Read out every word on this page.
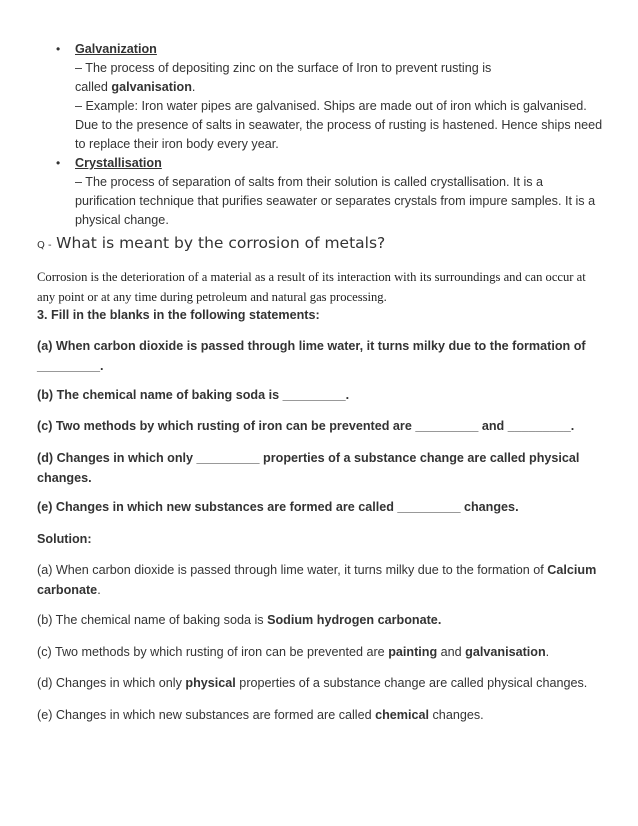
• Galvanization
– The process of depositing zinc on the surface of Iron to prevent rusting is
called galvanisation.
– Example: Iron water pipes are galvanised. Ships are made out of iron which is galvanised.
Due to the presence of salts in seawater, the process of rusting is hastened. Hence ships need
to replace their iron body every year.
• Crystallisation
– The process of separation of salts from their solution is called crystallisation. It is a
purification technique that purifies seawater or separates crystals from impure samples. It is a
physical change.
Q - What is meant by the corrosion of metals?
Corrosion is the deterioration of a material as a result of its interaction with its surroundings and can occur at
any point or at any time during petroleum and natural gas processing.
3. Fill in the blanks in the following statements:
(a) When carbon dioxide is passed through lime water, it turns milky due to the formation of
_________.
(b) The chemical name of baking soda is _________.
(c) Two methods by which rusting of iron can be prevented are _________ and _________.
(d) Changes in which only _________ properties of a substance change are called physical
changes.
(e) Changes in which new substances are formed are called _________ changes.
Solution:
(a) When carbon dioxide is passed through lime water, it turns milky due to the formation of Calcium
carbonate.
(b) The chemical name of baking soda is Sodium hydrogen carbonate.
(c) Two methods by which rusting of iron can be prevented are painting and galvanisation.
(d) Changes in which only physical properties of a substance change are called physical changes.
(e) Changes in which new substances are formed are called chemical changes.
